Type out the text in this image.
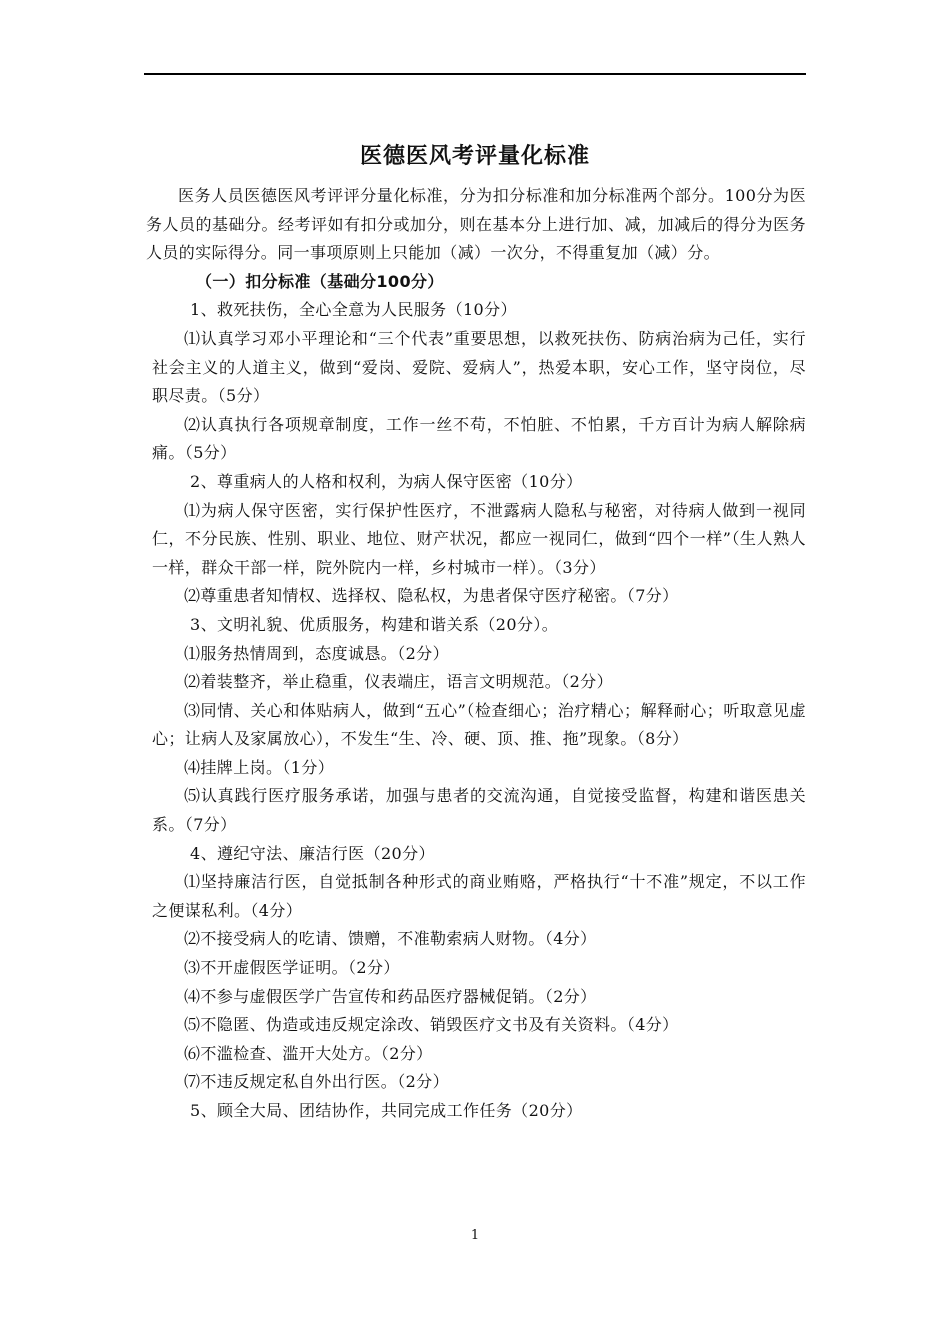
医德医风考评量化标准

医务人员医德医风考评评分量化标准，分为扣分标准和加分标准两个部分。100分为医务人员的基础分。经考评如有扣分或加分，则在基本分上进行加、减，加减后的得分为医务人员的实际得分。同一事项原则上只能加（减）一次分，不得重复加（减）分。

（一）扣分标准（基础分100分）

1、救死扶伤，全心全意为人民服务（10分）

⑴认真学习邓小平理论和“三个代表”重要思想，以救死扶伤、防病治病为己任，实行社会主义的人道主义，做到“爱岗、爱院、爱病人”，热爱本职，安心工作，坚守岗位，尽职尽责。（5分）

⑵认真执行各项规章制度，工作一丝不苟，不怕脏、不怕累，千方百计为病人解除病痛。（5分）

2、尊重病人的人格和权利，为病人保守医密（10分）

⑴为病人保守医密，实行保护性医疗，不泄露病人隐私与秘密，对待病人做到一视同仁，不分民族、性别、职业、地位、财产状况，都应一视同仁，做到“四个一样”（生人熟人一样，群众干部一样，院外院内一样，乡村城市一样）。（3分）

⑵尊重患者知情权、选择权、隐私权，为患者保守医疗秘密。（7分）

3、文明礼貌、优质服务，构建和谐关系（20分）。

⑴服务热情周到，态度诚恳。（2分）

⑵着装整齐，举止稳重，仪表端庄，语言文明规范。（2分）

⑶同情、关心和体贴病人，做到“五心”（检查细心；治疗精心；解释耐心；听取意见虚心；让病人及家属放心），不发生“生、冷、硬、顶、推、拖”现象。（8分）

⑷挂牌上岗。（1分）

⑸认真践行医疗服务承诺，加强与患者的交流沟通，自觉接受监督，构建和谐医患关系。（7分）

4、遵纪守法、廉洁行医（20分）

⑴坚持廉洁行医，自觉抵制各种形式的商业贿赂，严格执行“十不准”规定，不以工作之便谋私利。（4分）

⑵不接受病人的吃请、馈赠，不准勒索病人财物。（4分）

⑶不开虚假医学证明。（2分）

⑷不参与虚假医学广告宣传和药品医疗器械促销。（2分）

⑸不隐匿、伪造或违反规定涂改、销毁医疗文书及有关资料。（4分）

⑹不滥检查、滥开大处方。（2分）

⑺不违反规定私自外出行医。（2分）

5、顾全大局、团结协作，共同完成工作任务（20分）

1
